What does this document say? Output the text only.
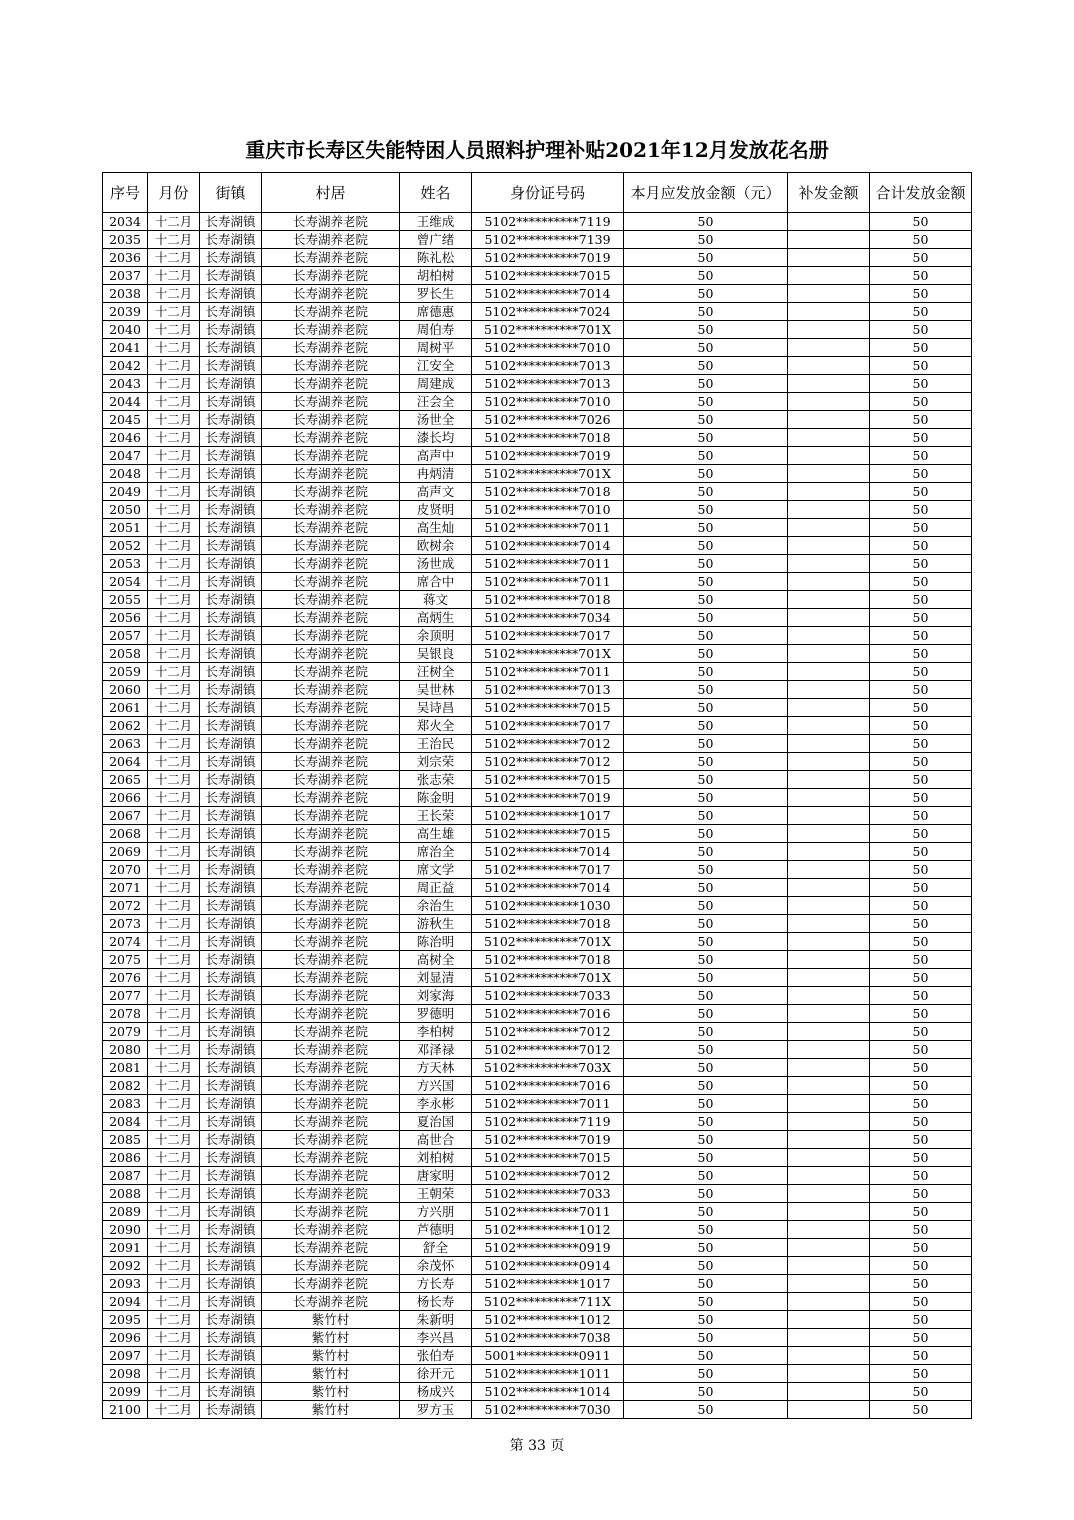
重庆市长寿区失能特困人员照料护理补贴2021年12月发放花名册
序号	月份	街镇	村居	姓名	身份证号码	本月应发放金额（元）	补发金额	合计发放金额
2034	十二月	长寿湖镇	长寿湖养老院	王维成	5102**********7119	50		50
2035	十二月	长寿湖镇	长寿湖养老院	曾广绪	5102**********7139	50		50
2036	十二月	长寿湖镇	长寿湖养老院	陈礼松	5102**********7019	50		50
2037	十二月	长寿湖镇	长寿湖养老院	胡柏树	5102**********7015	50		50
2038	十二月	长寿湖镇	长寿湖养老院	罗长生	5102**********7014	50		50
2039	十二月	长寿湖镇	长寿湖养老院	席德惠	5102**********7024	50		50
2040	十二月	长寿湖镇	长寿湖养老院	周伯寿	5102**********701X	50		50
2041	十二月	长寿湖镇	长寿湖养老院	周树平	5102**********7010	50		50
2042	十二月	长寿湖镇	长寿湖养老院	江安全	5102**********7013	50		50
2043	十二月	长寿湖镇	长寿湖养老院	周建成	5102**********7013	50		50
2044	十二月	长寿湖镇	长寿湖养老院	汪会全	5102**********7010	50		50
2045	十二月	长寿湖镇	长寿湖养老院	汤世全	5102**********7026	50		50
2046	十二月	长寿湖镇	长寿湖养老院	漆长均	5102**********7018	50		50
2047	十二月	长寿湖镇	长寿湖养老院	高声中	5102**********7019	50		50
2048	十二月	长寿湖镇	长寿湖养老院	冉炳清	5102**********701X	50		50
2049	十二月	长寿湖镇	长寿湖养老院	高声文	5102**********7018	50		50
2050	十二月	长寿湖镇	长寿湖养老院	皮贤明	5102**********7010	50		50
2051	十二月	长寿湖镇	长寿湖养老院	高生灿	5102**********7011	50		50
2052	十二月	长寿湖镇	长寿湖养老院	欧树余	5102**********7014	50		50
2053	十二月	长寿湖镇	长寿湖养老院	汤世成	5102**********7011	50		50
2054	十二月	长寿湖镇	长寿湖养老院	席合中	5102**********7011	50		50
2055	十二月	长寿湖镇	长寿湖养老院	蒋文	5102**********7018	50		50
2056	十二月	长寿湖镇	长寿湖养老院	高炳生	5102**********7034	50		50
2057	十二月	长寿湖镇	长寿湖养老院	余顶明	5102**********7017	50		50
2058	十二月	长寿湖镇	长寿湖养老院	吴银良	5102**********701X	50		50
2059	十二月	长寿湖镇	长寿湖养老院	汪树全	5102**********7011	50		50
2060	十二月	长寿湖镇	长寿湖养老院	吴世林	5102**********7013	50		50
2061	十二月	长寿湖镇	长寿湖养老院	吴诗昌	5102**********7015	50		50
2062	十二月	长寿湖镇	长寿湖养老院	郑火全	5102**********7017	50		50
2063	十二月	长寿湖镇	长寿湖养老院	王治民	5102**********7012	50		50
2064	十二月	长寿湖镇	长寿湖养老院	刘宗荣	5102**********7012	50		50
2065	十二月	长寿湖镇	长寿湖养老院	张志荣	5102**********7015	50		50
2066	十二月	长寿湖镇	长寿湖养老院	陈金明	5102**********7019	50		50
2067	十二月	长寿湖镇	长寿湖养老院	王长荣	5102**********1017	50		50
2068	十二月	长寿湖镇	长寿湖养老院	高生雄	5102**********7015	50		50
2069	十二月	长寿湖镇	长寿湖养老院	席治全	5102**********7014	50		50
2070	十二月	长寿湖镇	长寿湖养老院	席文学	5102**********7017	50		50
2071	十二月	长寿湖镇	长寿湖养老院	周正益	5102**********7014	50		50
2072	十二月	长寿湖镇	长寿湖养老院	余治生	5102**********1030	50		50
2073	十二月	长寿湖镇	长寿湖养老院	游秋生	5102**********7018	50		50
2074	十二月	长寿湖镇	长寿湖养老院	陈治明	5102**********701X	50		50
2075	十二月	长寿湖镇	长寿湖养老院	高树全	5102**********7018	50		50
2076	十二月	长寿湖镇	长寿湖养老院	刘显清	5102**********701X	50		50
2077	十二月	长寿湖镇	长寿湖养老院	刘家海	5102**********7033	50		50
2078	十二月	长寿湖镇	长寿湖养老院	罗德明	5102**********7016	50		50
2079	十二月	长寿湖镇	长寿湖养老院	李柏树	5102**********7012	50		50
2080	十二月	长寿湖镇	长寿湖养老院	邓泽禄	5102**********7012	50		50
2081	十二月	长寿湖镇	长寿湖养老院	方天林	5102**********703X	50		50
2082	十二月	长寿湖镇	长寿湖养老院	方兴国	5102**********7016	50		50
2083	十二月	长寿湖镇	长寿湖养老院	李永彬	5102**********7011	50		50
2084	十二月	长寿湖镇	长寿湖养老院	夏治国	5102**********7119	50		50
2085	十二月	长寿湖镇	长寿湖养老院	高世合	5102**********7019	50		50
2086	十二月	长寿湖镇	长寿湖养老院	刘柏树	5102**********7015	50		50
2087	十二月	长寿湖镇	长寿湖养老院	唐家明	5102**********7012	50		50
2088	十二月	长寿湖镇	长寿湖养老院	王朝荣	5102**********7033	50		50
2089	十二月	长寿湖镇	长寿湖养老院	方兴朋	5102**********7011	50		50
2090	十二月	长寿湖镇	长寿湖养老院	芦德明	5102**********1012	50		50
2091	十二月	长寿湖镇	长寿湖养老院	舒全	5102**********0919	50		50
2092	十二月	长寿湖镇	长寿湖养老院	余茂怀	5102**********0914	50		50
2093	十二月	长寿湖镇	长寿湖养老院	方长寿	5102**********1017	50		50
2094	十二月	长寿湖镇	长寿湖养老院	杨长寿	5102**********711X	50		50
2095	十二月	长寿湖镇	紫竹村	朱新明	5102**********1012	50		50
2096	十二月	长寿湖镇	紫竹村	李兴昌	5102**********7038	50		50
2097	十二月	长寿湖镇	紫竹村	张伯寿	5001**********0911	50		50
2098	十二月	长寿湖镇	紫竹村	徐开元	5102**********1011	50		50
2099	十二月	长寿湖镇	紫竹村	杨成兴	5102**********1014	50		50
2100	十二月	长寿湖镇	紫竹村	罗方玉	5102**********7030	50		50
第 33 页
